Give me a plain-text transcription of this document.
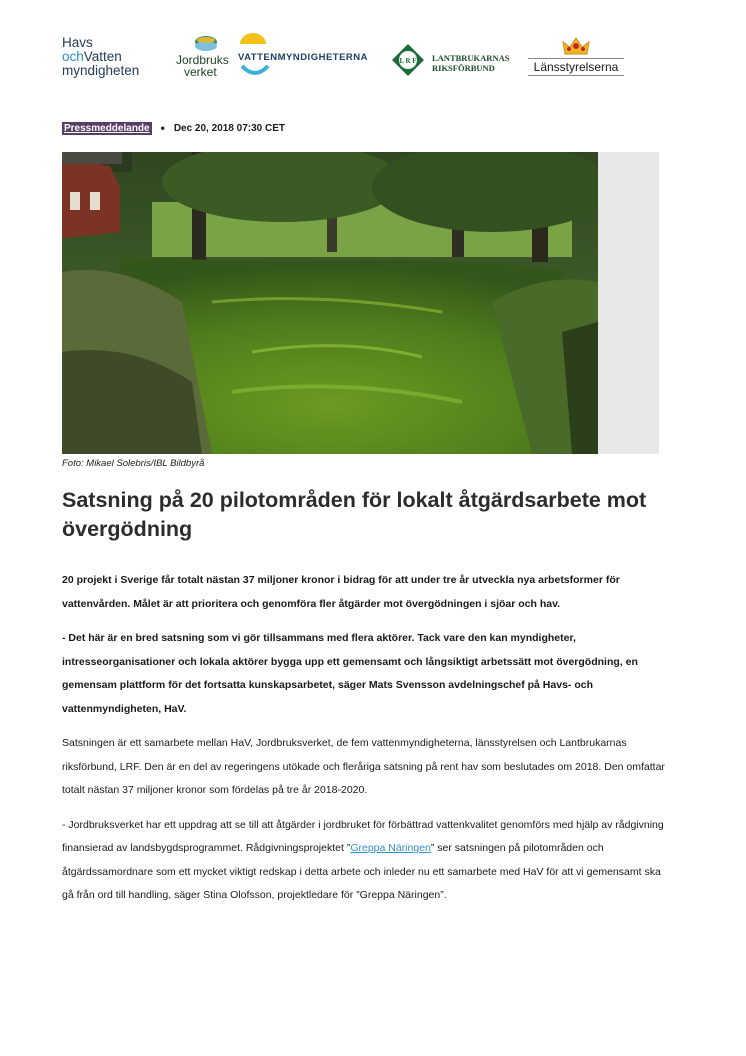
Havs
ochVatten
myndigheten
Jordbruks
verket
VATTENMYNDIGHETERNA	L R F LANTBRUKARNAS
RIKSFÖRBUND	Länsstyrelserna
Pressmeddelande • Dec 20, 2018 07:30 CET
Foto: Mikael Solebris/IBL Bildbyrå
Satsning på 20 pilotområden för lokalt åtgärdsarbete mot övergödning

20 projekt i Sverige får totalt nästan 37 miljoner kronor i bidrag för att under tre år utveckla nya arbetsformer för vattenvården. Målet är att prioritera och genomföra fler åtgärder mot övergödningen i sjöar och hav.

- Det här är en bred satsning som vi gör tillsammans med flera aktörer. Tack vare den kan myndigheter, intresseorganisationer och lokala aktörer bygga upp ett gemensamt och långsiktigt arbetssätt mot övergödning, en gemensam plattform för det fortsatta kunskapsarbetet, säger Mats Svensson avdelningschef på Havs- och vattenmyndigheten, HaV.

Satsningen är ett samarbete mellan HaV, Jordbruksverket, de fem vattenmyndigheterna, länsstyrelsen och Lantbrukarnas riksförbund, LRF. Den är en del av regeringens utökade och fleråriga satsning på rent hav som beslutades om 2018. Den omfattar totalt nästan 37 miljoner kronor som fördelas på tre år 2018-2020.

- Jordbruksverket har ett uppdrag att se till att åtgärder i jordbruket för förbättrad vattenkvalitet genomförs med hjälp av rådgivning finansierad av landsbygdsprogrammet. Rådgivningsprojektet ”Greppa Näringen” ser satsningen på pilotområden och åtgärdssamordnare som ett mycket viktigt redskap i detta arbete och inleder nu ett samarbete med HaV för att vi gemensamt ska gå från ord till handling, säger Stina Olofsson, projektledare för ”Greppa Näringen”.
